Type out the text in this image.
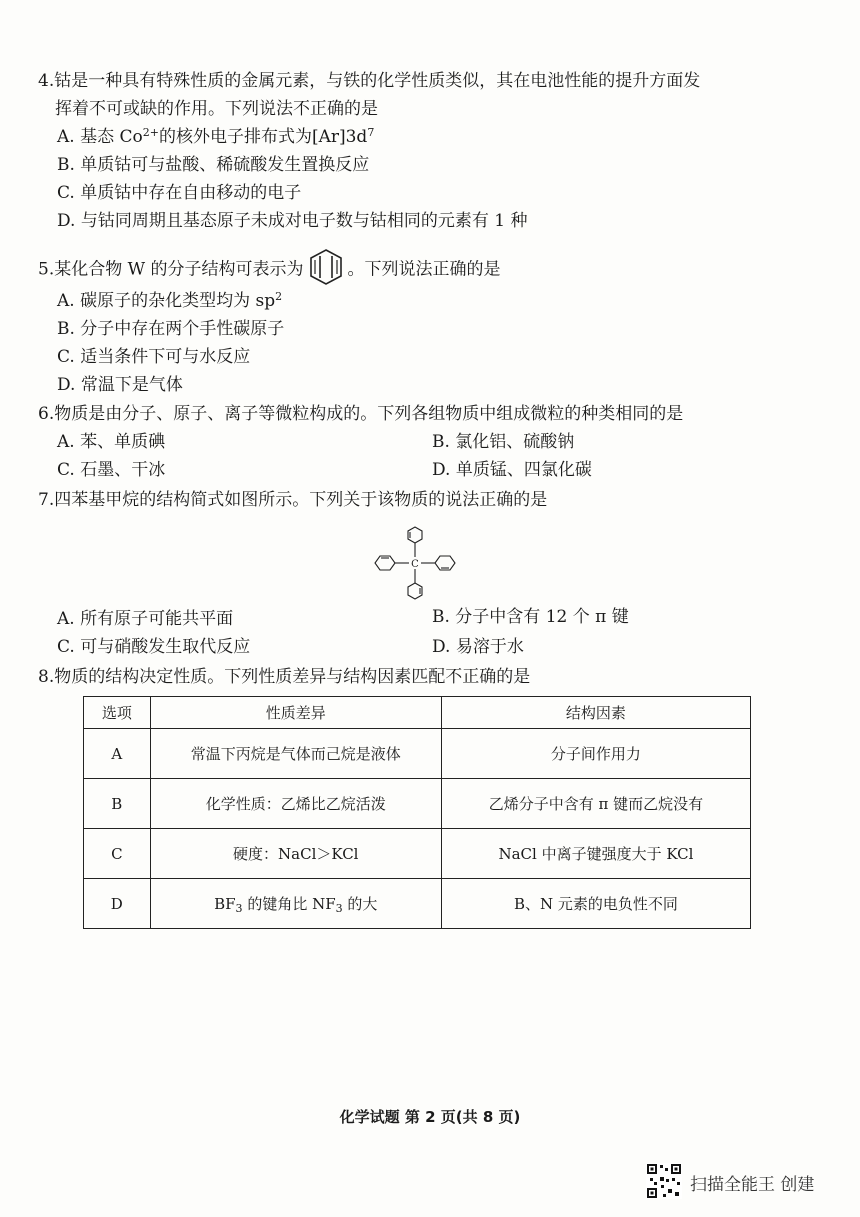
4.钴是一种具有特殊性质的金属元素，与铁的化学性质类似，其在电池性能的提升方面发
挥着不可或缺的作用。下列说法不正确的是
A. 基态 $Co^{2+}$的核外电子排布式为$[Ar]3d^7$
B. 单质钴可与盐酸、稀硫酸发生置换反应
C. 单质钴中存在自由移动的电子
D. 与钴同周期且基态原子未成对电子数与钴相同的元素有 1 种
5.某化合物 W 的分子结构可表示为	。下列说法正确的是
A. 碳原子的杂化类型均为 $sp^2$
B. 分子中存在两个手性碳原子
C. 适当条件下可与水反应
D. 常温下是气体
6.物质是由分子、原子、离子等微粒构成的。下列各组物质中组成微粒的种类相同的是
A. 苯、单质碘	B. 氯化铝、硫酸钠
C. 石墨、干冰	D. 单质锰、四氯化碳
7.四苯基甲烷的结构简式如图所示。下列关于该物质的说法正确的是
C
A. 所有原子可能共平面	B. 分子中含有 12 个 π 键
C. 可与硝酸发生取代反应	D. 易溶于水
8.物质的结构决定性质。下列性质差异与结构因素匹配不正确的是
选项	性质差异	结构因素
A	常温下丙烷是气体而己烷是液体	分子间作用力
B	化学性质：乙烯比乙烷活泼	乙烯分子中含有 π 键而乙烷没有
C	硬度：NaCl＞KCl	NaCl 中离子键强度大于 KCl
D	$BF_3$ 的键角比 $NF_3$ 的大	B、N 元素的电负性不同
化学试题 第 2 页(共 8 页)
扫描全能王 创建
